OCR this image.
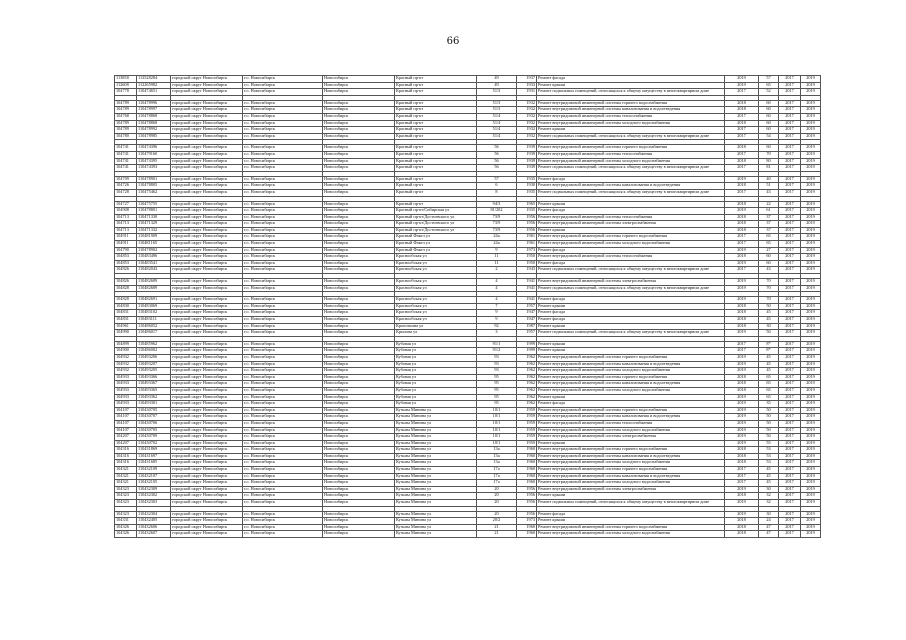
66
113858	113528284	городской округ Новосибирск	г.о. Новосибирск	Новосибирск	Красный пр-кт	49	1937	Ремонт фасада	2019	57	2017	2019
112608	112265982	городской округ Новосибирск	г.о. Новосибирск	Новосибирск	Красный пр-кт	49	1933	Ремонт крыши	2019	65	2017	2019
104778	110474651	городской округ Новосибирск	г.о. Новосибирск	Новосибирск	Красный пр-кт	51/3	1931	Ремонт подвальных помещений, относящихся к общему имуществу в многоквартирном доме	2017	52	2017	2019

104789	110478996	городской округ Новосибирск	г.о. Новосибирск	Новосибирск	Красный пр-кт	51/3	1932	Ремонт внутридомовой инженерной системы горячего водоснабжения	2018	60	2017	2019
104789	110478997	городской округ Новосибирск	г.о. Новосибирск	Новосибирск	Красный пр-кт	51/3	1932	Ремонт внутридомовой инженерной системы канализования и водоотведения	2018	60	2017	2019
104768	110478868	городской округ Новосибирск	г.о. Новосибирск	Новосибирск	Красный пр-кт	51/4	1932	Ремонт внутридомовой инженерной системы теплоснабжения	2017	60	2017	2019
104789	110478868	городской округ Новосибирск	г.о. Новосибирск	Новосибирск	Красный пр-кт	51/4	1932	Ремонт внутридомовой инженерной системы холодного водоснабжения	2018	60	2017	2019
104789	110478992	городской округ Новосибирск	г.о. Новосибирск	Новосибирск	Красный пр-кт	51/4	1932	Ремонт крыши	2017	60	2017	2019
104780	110478985	городской округ Новосибирск	г.о. Новосибирск	Новосибирск	Красный пр-кт	51/4	1932	Ремонт подвальных помещений, относящихся к общему имуществу в многоквартирном доме	2017	54	2017	2019

104741	110474396	городской округ Новосибирск	г.о. Новосибирск	Новосибирск	Красный пр-кт	56	1939	Ремонт внутридомовой инженерной системы горячего водоснабжения	2018	60	2017	2019
104741	110479160	городской округ Новосибирск	г.о. Новосибирск	Новосибирск	Красный пр-кт	56	1939	Ремонт внутридомовой инженерной системы теплоснабжения	2017	70	2017	2019
104741	110474395	городской округ Новосибирск	г.о. Новосибирск	Новосибирск	Красный пр-кт	56	1939	Ремонт внутридомовой инженерной системы холодного водоснабжения	2018	80	2017	2019
104741	110474393	городской округ Новосибирск	г.о. Новосибирск	Новосибирск	Красный пр-кт	56	1939	Ремонт подвальных помещений, относящихся к общему имуществу в многоквартирном доме	2017	81	2017	2019

104709	110478901	городской округ Новосибирск	г.о. Новосибирск	Новосибирск	Красный пр-кт	57	1935	Ремонт фасада	2019	40	2017	2019
104726	110478805	городской округ Новосибирск	г.о. Новосибирск	Новосибирск	Красный пр-кт	6	1930	Ремонт внутридомовой инженерной системы канализования и водоотведения	2018	51	2017	2019
104728	110475462	городской округ Новосибирск	г.о. Новосибирск	Новосибирск	Красный пр-кт	8	1935	Ремонт подвальных помещений, относящихся к общему имуществу в многоквартирном доме	2017	43	2017	2019

104727	110475755	городской округ Новосибирск	г.о. Новосибирск	Новосибирск	Красный пр-кт	94/3	1965	Ремонт крыши	2018	22	2017	2019
104908	110478801	городской округ Новосибирск	г.о. Новосибирск	Новосибирск	Красный пр-кт/Сибирская ул	81/202	1935	Ремонт фасада	2019	61	2017	2019
104713	110471330	городской округ Новосибирск	г.о. Новосибирск	Новосибирск	Красный пр-кт/Достоевского ул	73/9	1956	Ремонт внутридомовой инженерной системы теплоснабжения	2018	37	2017	2019
104713	110471329	городской округ Новосибирск	г.о. Новосибирск	Новосибирск	Красный пр-кт/Достоевского ул	73/9	1956	Ремонт внутридомовой инженерной системы электроснабжения	2018	37	2017	2019
104713	110471332	городской округ Новосибирск	г.о. Новосибирск	Новосибирск	Красный пр-кт/Достоевского ул	73/9	1956	Ремонт крыши	2018	37	2017	2019
104911	110481909	городской округ Новосибирск	г.о. Новосибирск	Новосибирск	Красный Факел ул	24а	1961	Ремонт внутридомовой инженерной системы горячего водоснабжения	2017	65	2017	2019
104911	110481165	городской округ Новосибирск	г.о. Новосибирск	Новосибирск	Красный Факел ул	24а	1961	Ремонт внутридомовой инженерной системы холодного водоснабжения	2017	65	2017	2019
104790	110478902	городской округ Новосибирск	г.о. Новосибирск	Новосибирск	Красный Факел ул	9	1973	Ремонт фасада	2019	27	2017	2019
104853	110483496	городской округ Новосибирск	г.о. Новосибирск	Новосибирск	Краснообская ул	11	1950	Ремонт внутридомовой инженерной системы теплоснабжения	2018	60	2017	2019
104853	110483541	городской округ Новосибирск	г.о. Новосибирск	Новосибирск	Краснообская ул	11	1950	Ремонт фасада	2019	60	2017	2019
104826	110482043	городской округ Новосибирск	г.о. Новосибирск	Новосибирск	Краснообская ул	2	1943	Ремонт подвальных помещений, относящихся к общему имуществу в многоквартирном доме	2017	43	2017	2019

104826	110482689	городской округ Новосибирск	г.о. Новосибирск	Новосибирск	Краснообская ул	4	1941	Ремонт внутридомовой инженерной системы электроснабжения	2019	70	2017	2019
104828	110482689	городской округ Новосибирск	г.о. Новосибирск	Новосибирск	Краснообская ул	4	1941	Ремонт подвальных помещений, относящихся к общему имуществу в многоквартирном доме	2019	70	2017	2019

104828	110482691	городской округ Новосибирск	г.о. Новосибирск	Новосибирск	Краснообская ул	4	1941	Ремонт фасада	2019	70	2017	2019
104830	110483069	городской округ Новосибирск	г.о. Новосибирск	Новосибирск	Краснообская ул	7	1957	Ремонт крыши	2018	50	2017	2019
104831	110483102	городской округ Новосибирск	г.о. Новосибирск	Новосибирск	Краснообская ул	9	1947	Ремонт фасада	2018	45	2017	2019
104831	110483111	городской округ Новосибирск	г.о. Новосибирск	Новосибирск	Краснообская ул	9	1947	Ремонт фасада	2018	45	2017	2019
104961	110486052	городской округ Новосибирск	г.о. Новосибирск	Новосибирск	Кропоткина ул	92	1987	Ремонт крыши	2018	30	2017	2019
104990	110486017	городской округ Новосибирск	г.о. Новосибирск	Новосибирск	Крылова ул	3	1957	Ремонт подвальных помещений, относящихся к общему имуществу в многоквартирном доме	2019	50	2017	2019

104899	110485962	городской округ Новосибирск	г.о. Новосибирск	Новосибирск	Кубовая ул	91/1	1999	Ремонт крыши	2017	8*	2017	2019
104900	110486002	городской округ Новосибирск	г.о. Новосибирск	Новосибирск	Кубовая ул	91/2	1999	Ремонт крыши	2017	8*	2017	2019
104932	110493206	городской округ Новосибирск	г.о. Новосибирск	Новосибирск	Кубовая ул	93	1962	Ремонт внутридомовой инженерной системы горячего водоснабжения	2019	45	2017	2019
104932	110493207	городской округ Новосибирск	г.о. Новосибирск	Новосибирск	Кубовая ул	93	1962	Ремонт внутридомовой инженерной системы канализования и водоотведения	2019	45	2017	2019
104932	110493205	городской округ Новосибирск	г.о. Новосибирск	Новосибирск	Кубовая ул	93	1962	Ремонт внутридомовой инженерной системы холодного водоснабжения	2019	45	2017	2019
104933	110493366	городской округ Новосибирск	г.о. Новосибирск	Новосибирск	Кубовая ул	95	1962	Ремонт внутридомовой инженерной системы горячего водоснабжения	2018	65	2017	2019
104933	110493367	городской округ Новосибирск	г.о. Новосибирск	Новосибирск	Кубовая ул	95	1962	Ремонт внутридомовой инженерной системы канализования и водоотведения	2018	65	2017	2019
104933	110493365	городской округ Новосибирск	г.о. Новосибирск	Новосибирск	Кубовая ул	95	1962	Ремонт внутридомовой инженерной системы холодного водоснабжения	2018	65	2017	2019
104933	110493362	городской округ Новосибирск	г.о. Новосибирск	Новосибирск	Кубовая ул	95	1962	Ремонт крыши	2019	65	2017	2019
104933	110493301	городской округ Новосибирск	г.о. Новосибирск	Новосибирск	Кубовая ул	95	1962	Ремонт фасада	2019	35	2017	2019
104107	110430705	городской округ Новосибирск	г.о. Новосибирск	Новосибирск	Кузьмы Минина ул	10/1	1959	Ремонт внутридомовой инженерной системы горячего водоснабжения	2019	50	2017	2019
104107	110430707	городской округ Новосибирск	г.о. Новосибирск	Новосибирск	Кузьмы Минина ул	10/1	1959	Ремонт внутридомовой инженерной системы канализования и водоотведения	2019	50	2017	2019
104107	110430706	городской округ Новосибирск	г.о. Новосибирск	Новосибирск	Кузьмы Минина ул	10/1	1959	Ремонт внутридомовой инженерной системы теплоснабжения	2019	50	2017	2019
104107	110430705	городской округ Новосибирск	г.о. Новосибирск	Новосибирск	Кузьмы Минина ул	10/1	1959	Ремонт внутридомовой инженерной системы холодного водоснабжения	2019	50	2017	2019
104207	110430709	городской округ Новосибирск	г.о. Новосибирск	Новосибирск	Кузьмы Минина ул	10/1	1959	Ремонт внутридомовой инженерной системы электроснабжения	2019	50	2017	2019
104207	110430702	городской округ Новосибирск	г.о. Новосибирск	Новосибирск	Кузьмы Минина ул	10/1	1959	Ремонт крыши	2019	55	2017	2019
104316	110431869	городской округ Новосибирск	г.о. Новосибирск	Новосибирск	Кузьмы Минина ул	13а	1960	Ремонт внутридомовой инженерной системы горячего водоснабжения	2018	53	2017	2019
104316	110431697	городской округ Новосибирск	г.о. Новосибирск	Новосибирск	Кузьмы Минина ул	13а	1960	Ремонт внутридомовой инженерной системы канализования и водоотведения	2018	53	2017	2019
104316	110431685	городской округ Новосибирск	г.о. Новосибирск	Новосибирск	Кузьмы Минина ул	13а	1960	Ремонт внутридомовой инженерной системы холодного водоснабжения	2018	53	2017	2019
104321	110432109	городской округ Новосибирск	г.о. Новосибирск	Новосибирск	Кузьмы Минина ул	17а	1960	Ремонт внутридомовой инженерной системы горячего водоснабжения	2017	45	2017	2019
104321	110432107	городской округ Новосибирск	г.о. Новосибирск	Новосибирск	Кузьмы Минина ул	17а	1960	Ремонт внутридомовой инженерной системы канализования и водоотведения	2017	45	2017	2019
104321	110432105	городской округ Новосибирск	г.о. Новосибирск	Новосибирск	Кузьмы Минина ул	17а	1960	Ремонт внутридомовой инженерной системы холодного водоснабжения	2017	45	2017	2019
104323	110432309	городской округ Новосибирск	г.о. Новосибирск	Новосибирск	Кузьмы Минина ул	20	1956	Ремонт внутридомовой инженерной системы электроснабжения	2019	30	2017	2019
104323	110432302	городской округ Новосибирск	г.о. Новосибирск	Новосибирск	Кузьмы Минина ул	20	1956	Ремонт крыши	2018	32	2017	2019
104323	110432303	городской округ Новосибирск	г.о. Новосибирск	Новосибирск	Кузьмы Минина ул	20	1956	Ремонт подвальных помещений, относящихся к общему имуществу в многоквартирном доме	2019	32	2017	2019

104323	110432304	городской округ Новосибирск	г.о. Новосибирск	Новосибирск	Кузьмы Минина ул	20	1956	Ремонт фасада	2019	30	2017	2019
104331	110432405	городской округ Новосибирск	г.о. Новосибирск	Новосибирск	Кузьмы Минина ул	20/2	1973	Ремонт крыши	2018	24	2017	2019
104326	110432606	городской округ Новосибирск	г.о. Новосибирск	Новосибирск	Кузьмы Минина ул	21	1960	Ремонт внутридомовой инженерной системы горячего водоснабжения	2018	47	2017	2019
104326	110432607	городской округ Новосибирск	г.о. Новосибирск	Новосибирск	Кузьмы Минина ул	21	1960	Ремонт внутридомовой инженерной системы холодного водоснабжения	2018	47	2017	2019
